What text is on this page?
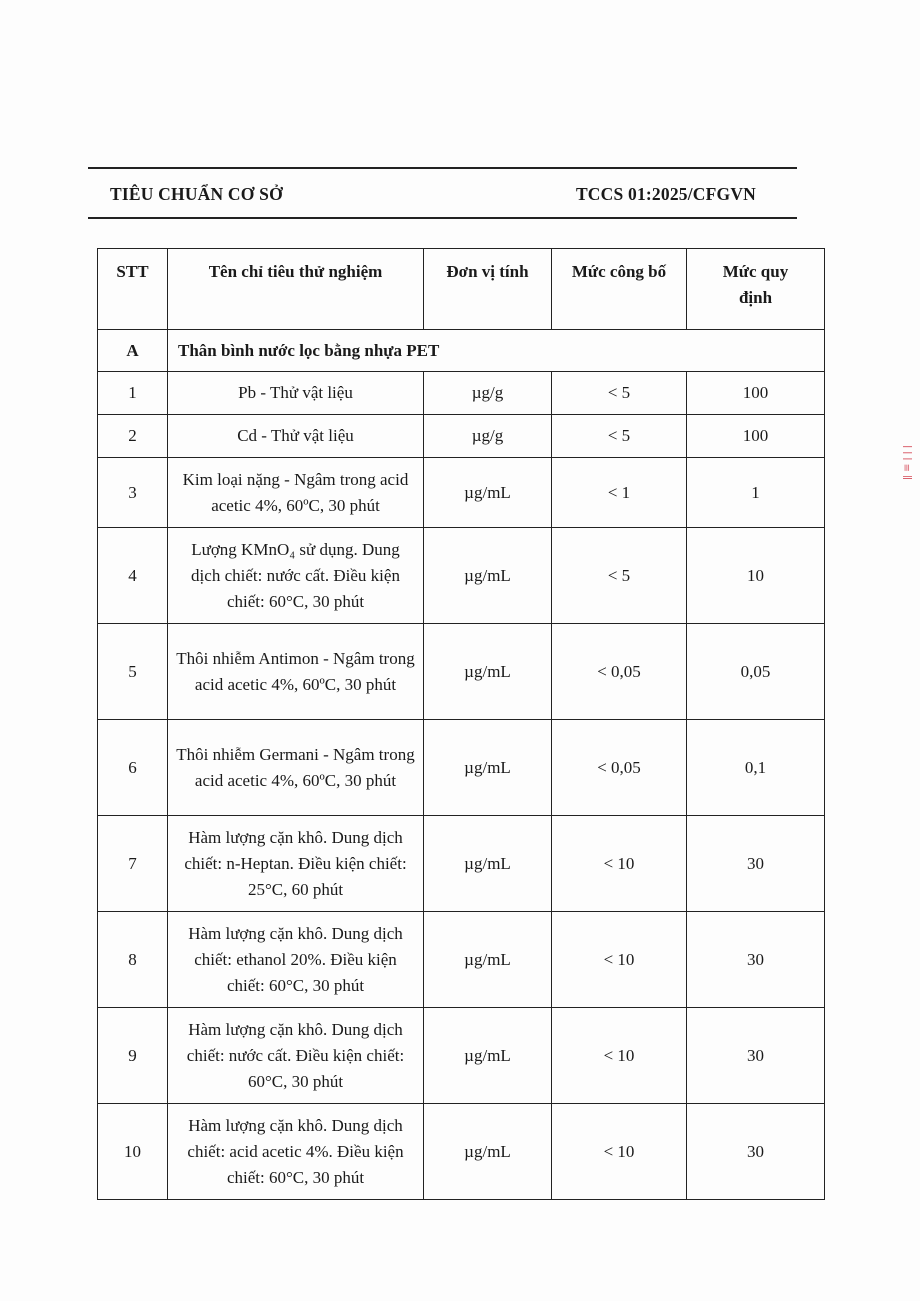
TIÊU CHUẨN CƠ SỞ	TCCS 01:2025/CFGVN
ǁ ≡ ǀ ǀ ǀ
STT	Tên chỉ tiêu thử nghiệm	Đơn vị tính	Mức công bố	Mức quy định
A	Thân bình nước lọc bằng nhựa PET			
1	Pb - Thử vật liệu	µg/g	< 5	100
2	Cd - Thử vật liệu	µg/g	< 5	100
3	Kim loại nặng - Ngâm trong acid acetic 4%, 60ºC, 30 phút	µg/mL	< 1	1
4	Lượng KMnO₄ sử dụng. Dung dịch chiết: nước cất. Điều kiện chiết: 60°C, 30 phút	µg/mL	< 5	10
5	Thôi nhiễm Antimon - Ngâm trong acid acetic 4%, 60ºC, 30 phút	µg/mL	< 0,05	0,05
6	Thôi nhiễm Germani - Ngâm trong acid acetic 4%, 60ºC, 30 phút	µg/mL	< 0,05	0,1
7	Hàm lượng cặn khô. Dung dịch chiết: n-Heptan. Điều kiện chiết: 25°C, 60 phút	µg/mL	< 10	30
8	Hàm lượng cặn khô. Dung dịch chiết: ethanol 20%. Điều kiện chiết: 60°C, 30 phút	µg/mL	< 10	30
9	Hàm lượng cặn khô. Dung dịch chiết: nước cất. Điều kiện chiết: 60°C, 30 phút	µg/mL	< 10	30
10	Hàm lượng cặn khô. Dung dịch chiết: acid acetic 4%. Điều kiện chiết: 60°C, 30 phút	µg/mL	< 10	30
